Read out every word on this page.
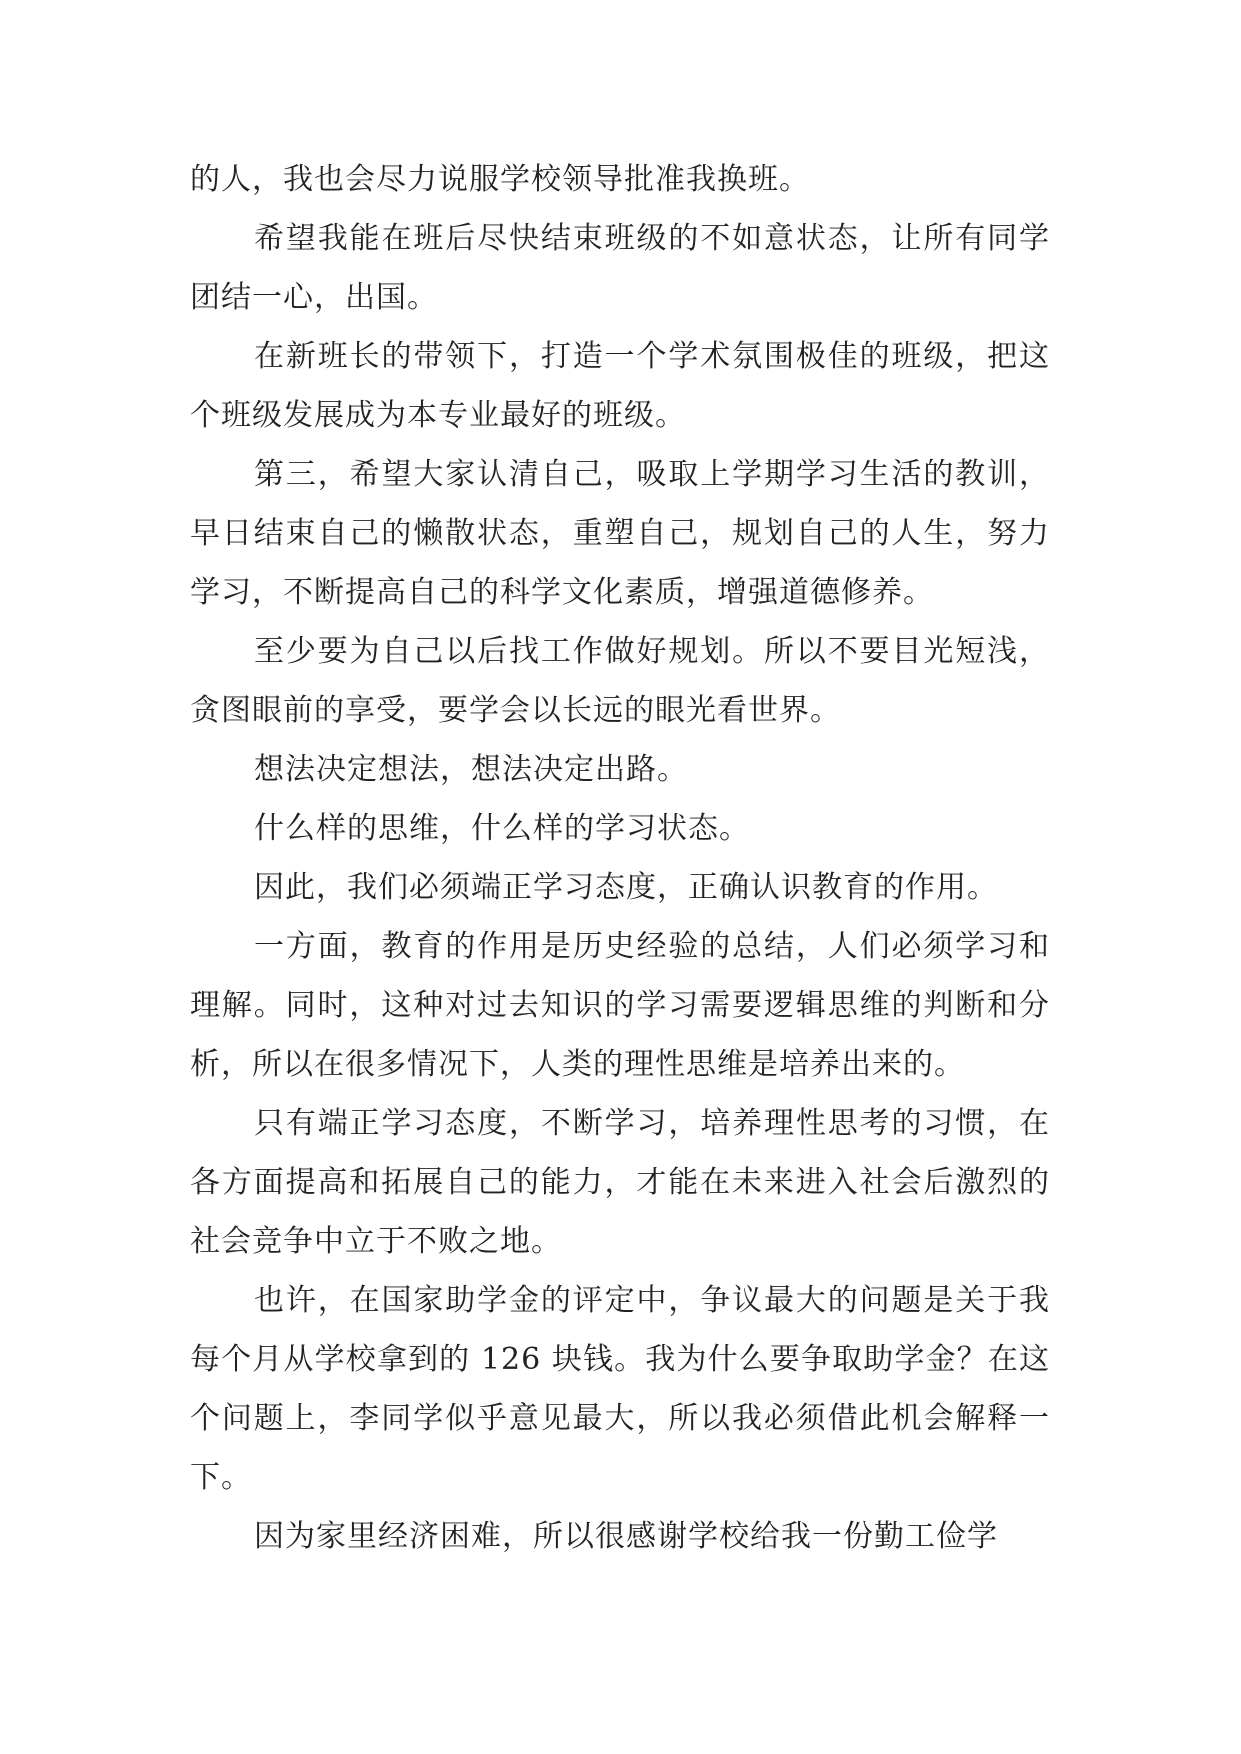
的人，我也会尽力说服学校领导批准我换班。

希望我能在班后尽快结束班级的不如意状态，让所有同学团结一心，出国。

在新班长的带领下，打造一个学术氛围极佳的班级，把这个班级发展成为本专业最好的班级。

第三，希望大家认清自己，吸取上学期学习生活的教训，早日结束自己的懒散状态，重塑自己，规划自己的人生，努力学习，不断提高自己的科学文化素质，增强道德修养。

至少要为自己以后找工作做好规划。所以不要目光短浅，贪图眼前的享受，要学会以长远的眼光看世界。

想法决定想法，想法决定出路。

什么样的思维，什么样的学习状态。

因此，我们必须端正学习态度，正确认识教育的作用。

一方面，教育的作用是历史经验的总结，人们必须学习和理解。同时，这种对过去知识的学习需要逻辑思维的判断和分析，所以在很多情况下，人类的理性思维是培养出来的。

只有端正学习态度，不断学习，培养理性思考的习惯，在各方面提高和拓展自己的能力，才能在未来进入社会后激烈的社会竞争中立于不败之地。

也许，在国家助学金的评定中，争议最大的问题是关于我每个月从学校拿到的 126 块钱。我为什么要争取助学金？在这个问题上，李同学似乎意见最大，所以我必须借此机会解释一下。

因为家里经济困难，所以很感谢学校给我一份勤工俭学
